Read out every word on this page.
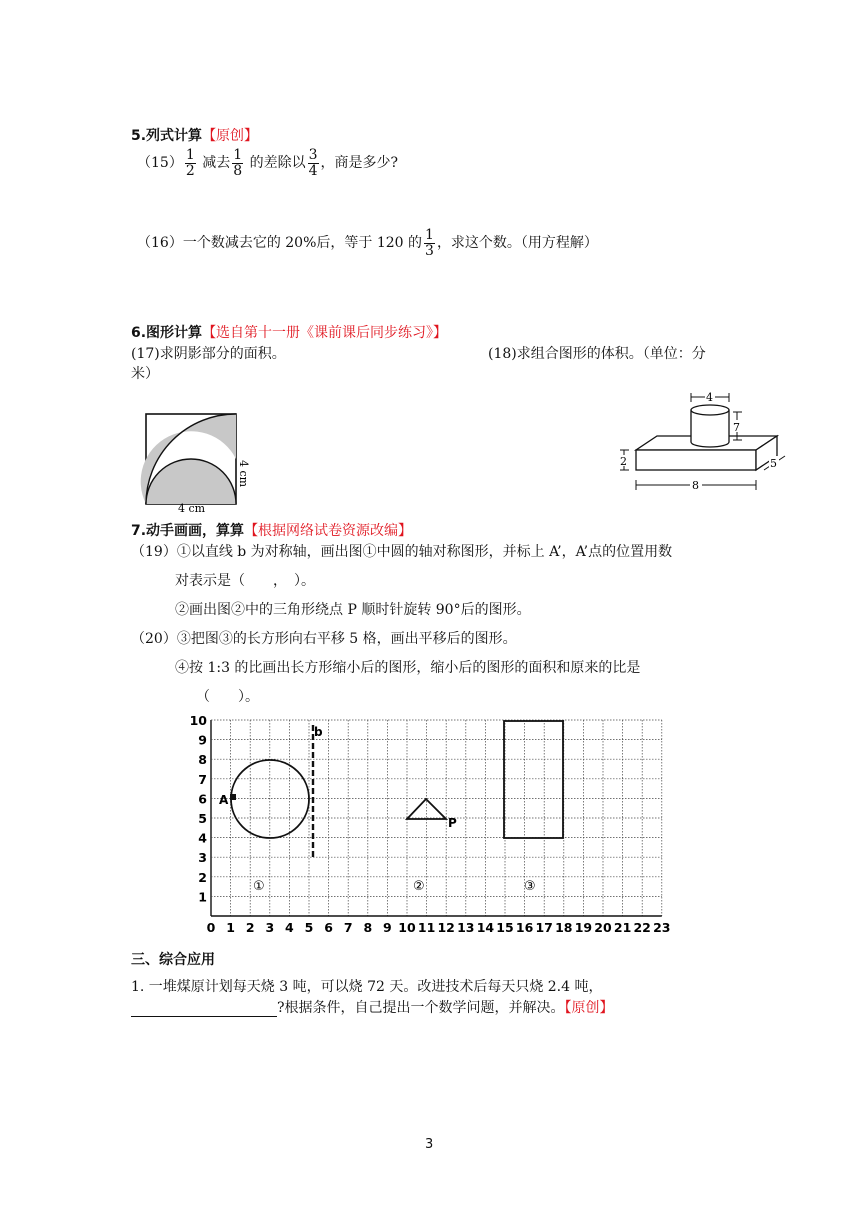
5.列式计算【原创】
$(15) \frac{1}{2}$ 减去 $\frac{1}{8}$ 的差除以 $\frac{3}{4}$ ，商是多少?
（16）一个数减去它的 20%后，等于 120 的 $\frac{1}{3}$ ，求这个数。（用方程解）
6.图形计算【选自第十一册《课前课后同步练习》】
(17)求阴影部分的面积。	(18)求组合图形的体积。（单位：分
米）
4 cm
4 cm
4
7
2
8
5
7.动手画画，算算【根据网络试卷资源改编】
（19）①以直线 b 为对称轴，画出图①中圆的轴对称图形，并标上 A’，A’点的位置用数
对表示是（　　，　）。
②画出图②中的三角形绕点 P 顺时针旋转 90°后的图形。
（20）③把图③的长方形向右平移 5 格，画出平移后的图形。
④按 1:3 的比画出长方形缩小后的图形，缩小后的图形的面积和原来的比是
（　　）。
0 1 2 3 4 5 6 7 8 9 10 11 12 13 14 15 16 17 18 19 20 21 22 23
1
2
3
4
5
6
7
8
9
10
A
b
P
①	②	③
三、综合应用
1. 一堆煤原计划每天烧 3 吨，可以烧 72 天。改进技术后每天只烧 2.4 吨，
?根据条件，自己提出一个数学问题，并解决。【原创】
3
